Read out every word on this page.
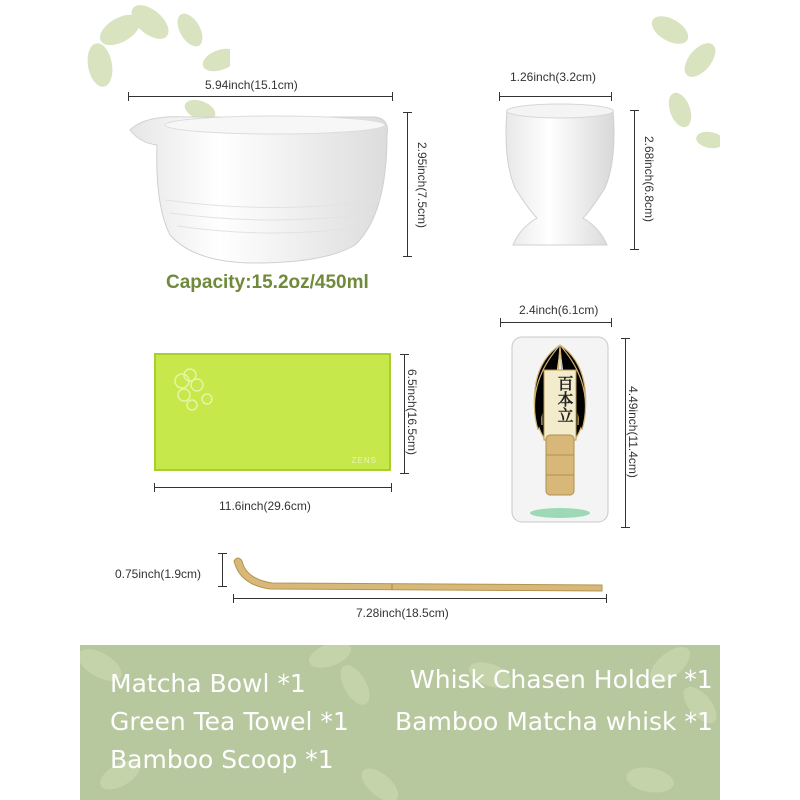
5.94inch(15.1cm)
2.95inch(7.5cm)
Capacity:15.2oz/450ml
1.26inch(3.2cm)
2.68inch(6.8cm)
ZENS
6.5inch(16.5cm)
11.6inch(29.6cm)
百本立
2.4inch(6.1cm)
4.49inch(11.4cm)
0.75inch(1.9cm)
7.28inch(18.5cm)
Matcha Bowl *1	Whisk Chasen Holder *1
Green Tea Towel *1 Bamboo Matcha whisk *1
Bamboo Scoop *1
